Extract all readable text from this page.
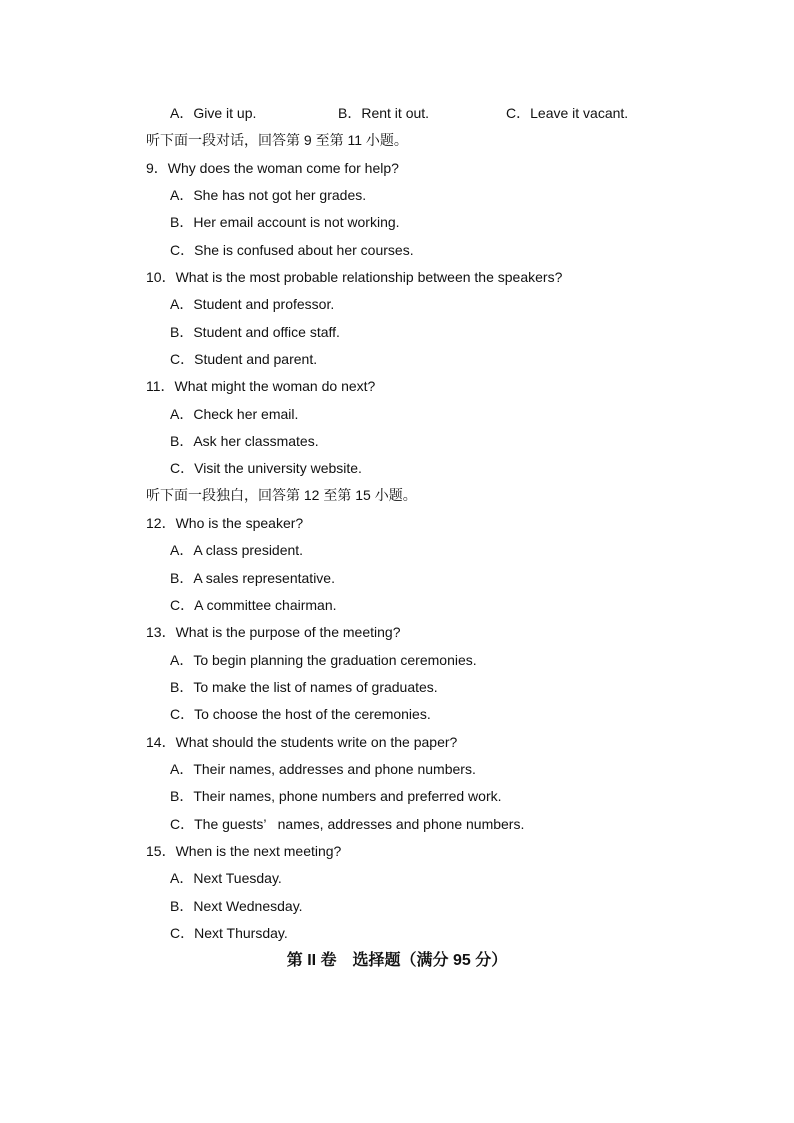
A．Give it up.	B．Rent it out.	C．Leave it vacant.
听下面一段对话，回答第 9 至第 11 小题。
9．Why does the woman come for help?
A．She has not got her grades.
B．Her email account is not working.
C．She is confused about her courses.
10．What is the most probable relationship between the speakers?
A．Student and professor.
B．Student and office staff.
C．Student and parent.
11．What might the woman do next?
A．Check her email.
B．Ask her classmates.
C．Visit the university website.
听下面一段独白，回答第 12 至第 15 小题。
12．Who is the speaker?
A．A class president.
B．A sales representative.
C．A committee chairman.
13．What is the purpose of the meeting?
A．To begin planning the graduation ceremonies.
B．To make the list of names of graduates.
C．To choose the host of the ceremonies.
14．What should the students write on the paper?
A．Their names, addresses and phone numbers.
B．Their names, phone numbers and preferred work.
C．The guests’   names, addresses and phone numbers.
15．When is the next meeting?
A．Next Tuesday.
B．Next Wednesday.
C．Next Thursday.
第 II 卷　选择题（满分 95 分）
